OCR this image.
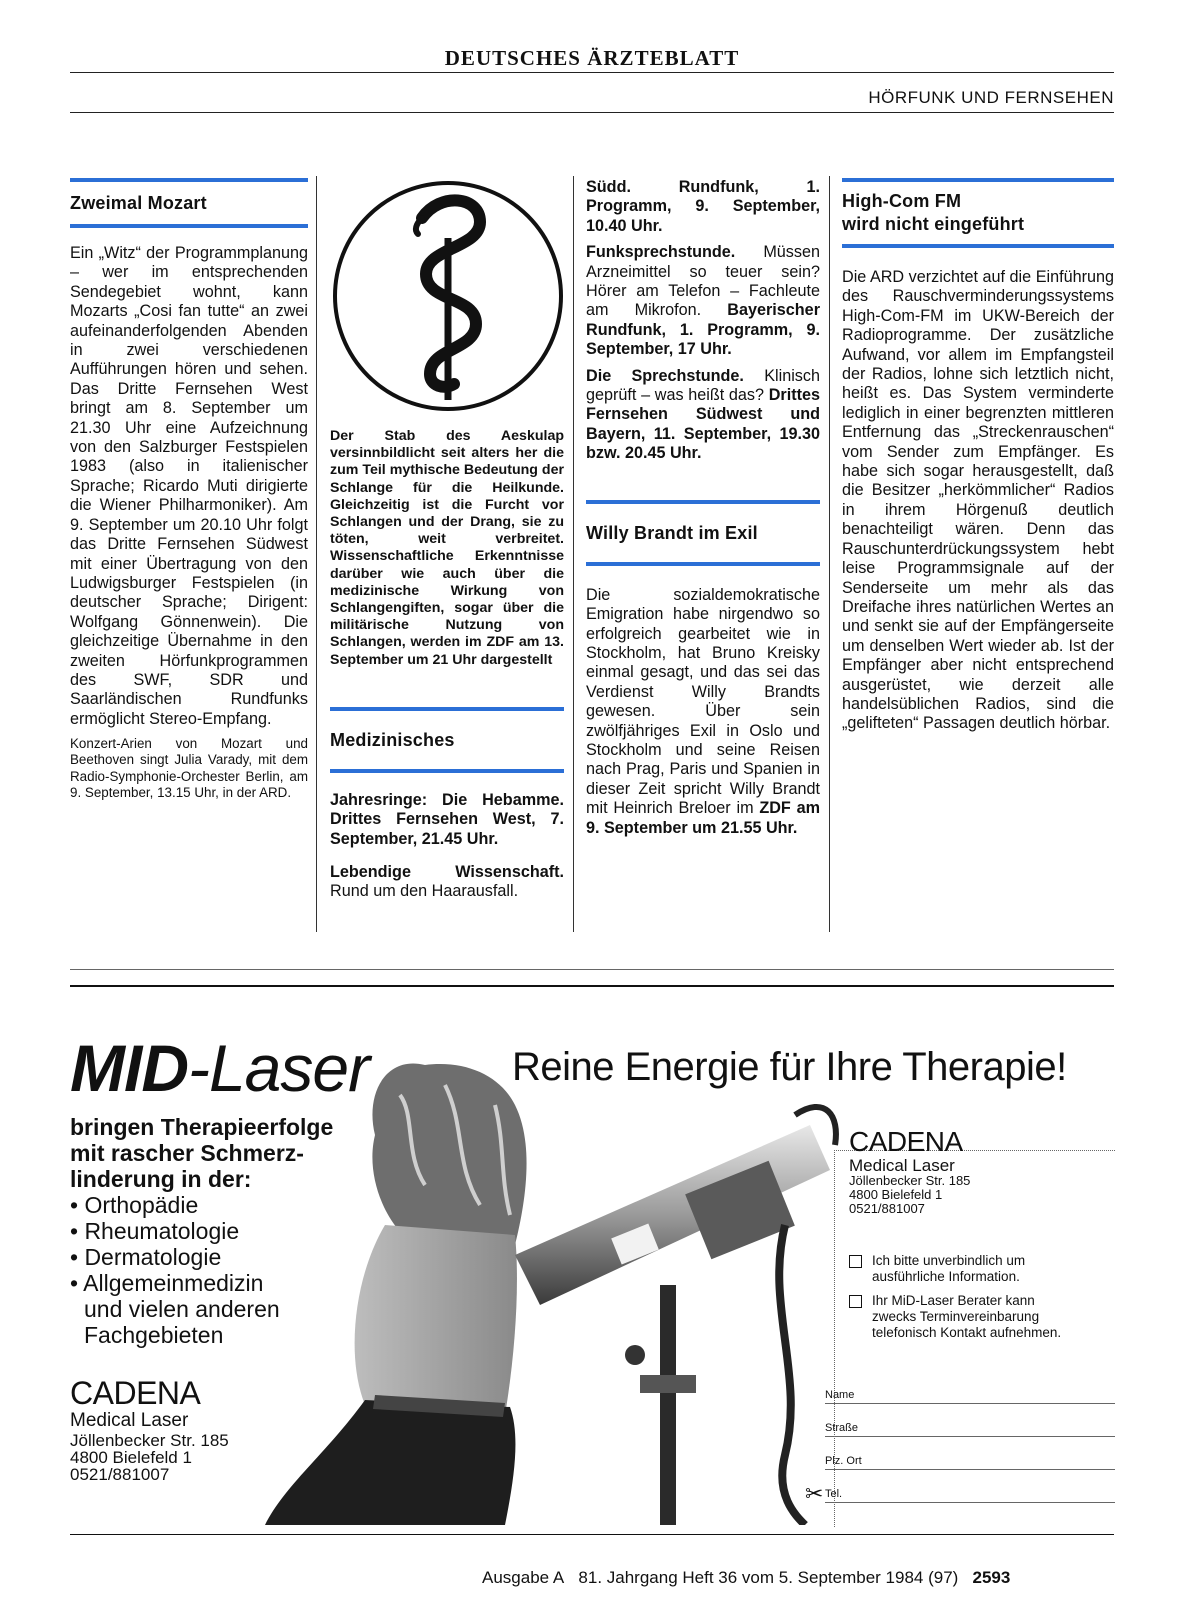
DEUTSCHES ÄRZTEBLATT
HÖRFUNK UND FERNSEHEN
Zweimal Mozart

Ein „Witz“ der Programmplanung – wer im entsprechenden Sendegebiet wohnt, kann Mozarts „Cosi fan tutte“ an zwei aufeinanderfolgenden Abenden in zwei verschiedenen Aufführungen hören und sehen. Das Dritte Fernsehen West bringt am 8. September um 21.30 Uhr eine Aufzeichnung von den Salzburger Festspielen 1983 (also in italienischer Sprache; Ricardo Muti dirigierte die Wiener Philharmoniker). Am 9. September um 20.10 Uhr folgt das Dritte Fernsehen Südwest mit einer Übertragung von den Ludwigsburger Festspielen (in deutscher Sprache; Dirigent: Wolfgang Gönnenwein). Die gleichzeitige Übernahme in den zweiten Hörfunkprogrammen des SWF, SDR und Saarländischen Rundfunks ermöglicht Stereo-Empfang.

Konzert-Arien von Mozart und Beethoven singt Julia Varady, mit dem Radio-Symphonie-Orchester Berlin, am 9. September, 13.15 Uhr, in der ARD.

Der Stab des Aeskulap versinnbildlicht seit alters her die zum Teil mythische Bedeutung der Schlange für die Heilkunde. Gleichzeitig ist die Furcht vor Schlangen und der Drang, sie zu töten, weit verbreitet. Wissenschaftliche Erkenntnisse darüber wie auch über die medizinische Wirkung von Schlangengiften, sogar über die militärische Nutzung von Schlangen, werden im ZDF am 13. September um 21 Uhr dargestellt

Medizinisches

Jahresringe: Die Hebamme. Drittes Fernsehen West, 7. September, 21.45 Uhr.

Lebendige Wissenschaft. Rund um den Haarausfall.

Südd. Rundfunk, 1. Programm, 9. September, 10.40 Uhr.

Funksprechstunde. Müssen Arzneimittel so teuer sein? Hörer am Telefon – Fachleute am Mikrofon. Bayerischer Rundfunk, 1. Programm, 9. September, 17 Uhr.

Die Sprechstunde. Klinisch geprüft – was heißt das? Drittes Fernsehen Südwest und Bayern, 11. September, 19.30 bzw. 20.45 Uhr.

Willy Brandt im Exil

Die sozialdemokratische Emigration habe nirgendwo so erfolgreich gearbeitet wie in Stockholm, hat Bruno Kreisky einmal gesagt, und das sei das Verdienst Willy Brandts gewesen. Über sein zwölfjähriges Exil in Oslo und Stockholm und seine Reisen nach Prag, Paris und Spanien in dieser Zeit spricht Willy Brandt mit Heinrich Breloer im ZDF am 9. September um 21.55 Uhr.

High-Com FM
wird nicht eingeführt

Die ARD verzichtet auf die Einführung des Rauschverminderungssystems High-Com-FM im UKW-Bereich der Radioprogramme. Der zusätzliche Aufwand, vor allem im Empfangsteil der Radios, lohne sich letztlich nicht, heißt es. Das System verminderte lediglich in einer begrenzten mittleren Entfernung das „Streckenrauschen“ vom Sender zum Empfänger. Es habe sich sogar herausgestellt, daß die Besitzer „herkömmlicher“ Radios in ihrem Hörgenuß deutlich benachteiligt wären. Denn das Rauschunterdrückungssystem hebt leise Programmsignale auf der Senderseite um mehr als das Dreifache ihres natürlichen Wertes an und senkt sie auf der Empfängerseite um denselben Wert wieder ab. Ist der Empfänger aber nicht entsprechend ausgerüstet, wie derzeit alle handelsüblichen Radios, sind die „gelifteten“ Passagen deutlich hörbar.

MID-Laser	Reine Energie für Ihre Therapie!
bringen Therapieerfolge
mit rascher Schmerz-
linderung in der:
• Orthopädie
• Rheumatologie
• Dermatologie
• Allgemeinmedizin
und vielen anderen
Fachgebieten
CADENA
Medical Laser
Jöllenbecker Str. 185
4800 Bielefeld 1
0521/881007
CADENA
Medical Laser
Jöllenbecker Str. 185
4800 Bielefeld 1
0521/881007
Ich bitte unverbindlich um
ausführliche Information.
Ihr MiD-Laser Berater kann
zwecks Terminvereinbarung
telefonisch Kontakt aufnehmen.
Name
Straße
Plz. Ort
Tel.
✂
Ausgabe A 81. Jahrgang Heft 36 vom 5. September 1984 (97) 2593
